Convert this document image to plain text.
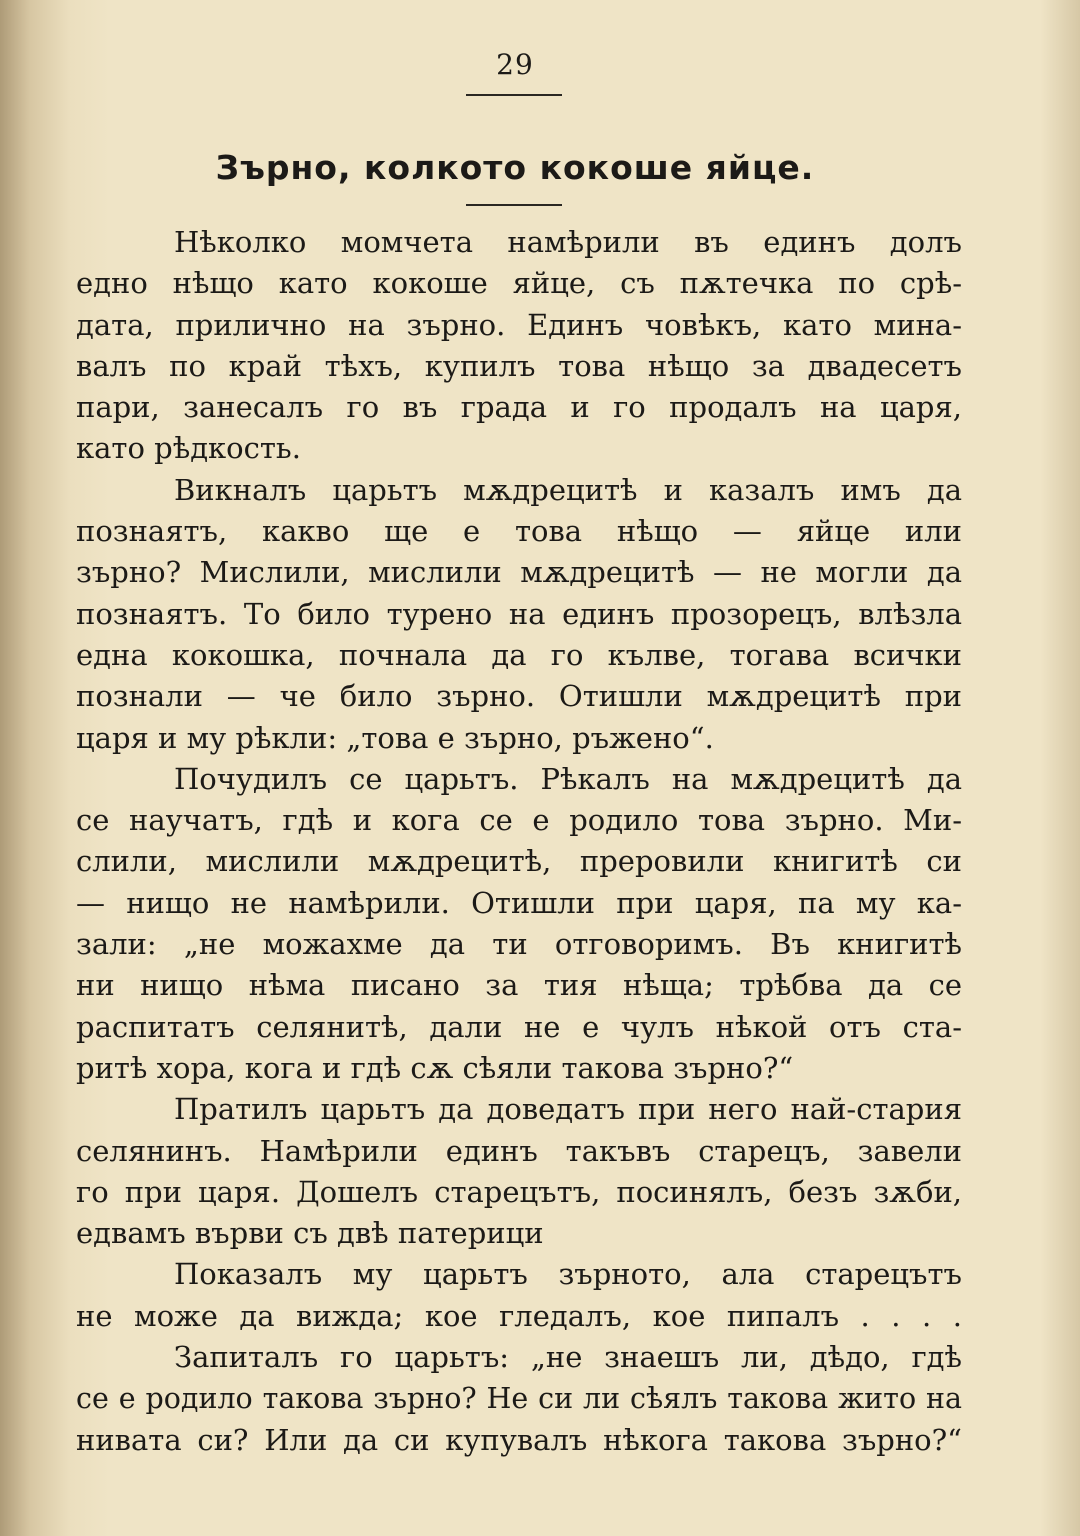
29
Зърно, колкото кокоше яйце.
Нѣколко момчета намѣрили въ единъ долъ
едно нѣщо като кокоше яйце, съ пѫтечка по срѣ-
дата, прилично на зърно. Единъ човѣкъ, като мина-
валъ по край тѣхъ, купилъ това нѣщо за двадесетъ
пари, занесалъ го въ града и го продалъ на царя,
като рѣдкость.
Викналъ царьтъ мѫдрецитѣ и казалъ имъ да
познаятъ, какво ще е това нѣщо — яйце или
зърно? Мислили, мислили мѫдрецитѣ — не могли да
познаятъ. То било турено на единъ прозорецъ, влѣзла
една кокошка, почнала да го кълве, тогава всички
познали — че било зърно. Отишли мѫдрецитѣ при
царя и му рѣкли: „това е зърно, ръжено“.
Почудилъ се царьтъ. Рѣкалъ на мѫдрецитѣ да
се научатъ, гдѣ и кога се е родило това зърно. Ми-
слили, мислили мѫдрецитѣ, преровили книгитѣ си
— нищо не намѣрили. Отишли при царя, па му ка-
зали: „не можахме да ти отговоримъ. Въ книгитѣ
ни нищо нѣма писано за тия нѣща; трѣбва да се
распитатъ селянитѣ, дали не е чулъ нѣкой отъ ста-
ритѣ хора, кога и гдѣ сѫ сѣяли такова зърно?“
Пратилъ царьтъ да доведатъ при него най-стария
селянинъ. Намѣрили единъ такъвъ старецъ, завели
го при царя. Дошелъ старецътъ, посинялъ, безъ зѫби,
едвамъ върви съ двѣ патерици
Показалъ му царьтъ зърното, ала старецътъ
не може да вижда; кое гледалъ, кое пипалъ . . . .
Запиталъ го царьтъ: „не знаешъ ли, дѣдо, гдѣ
се е родило такова зърно? Не си ли сѣялъ такова жито на
нивата си? Или да си купувалъ нѣкога такова зърно?“
